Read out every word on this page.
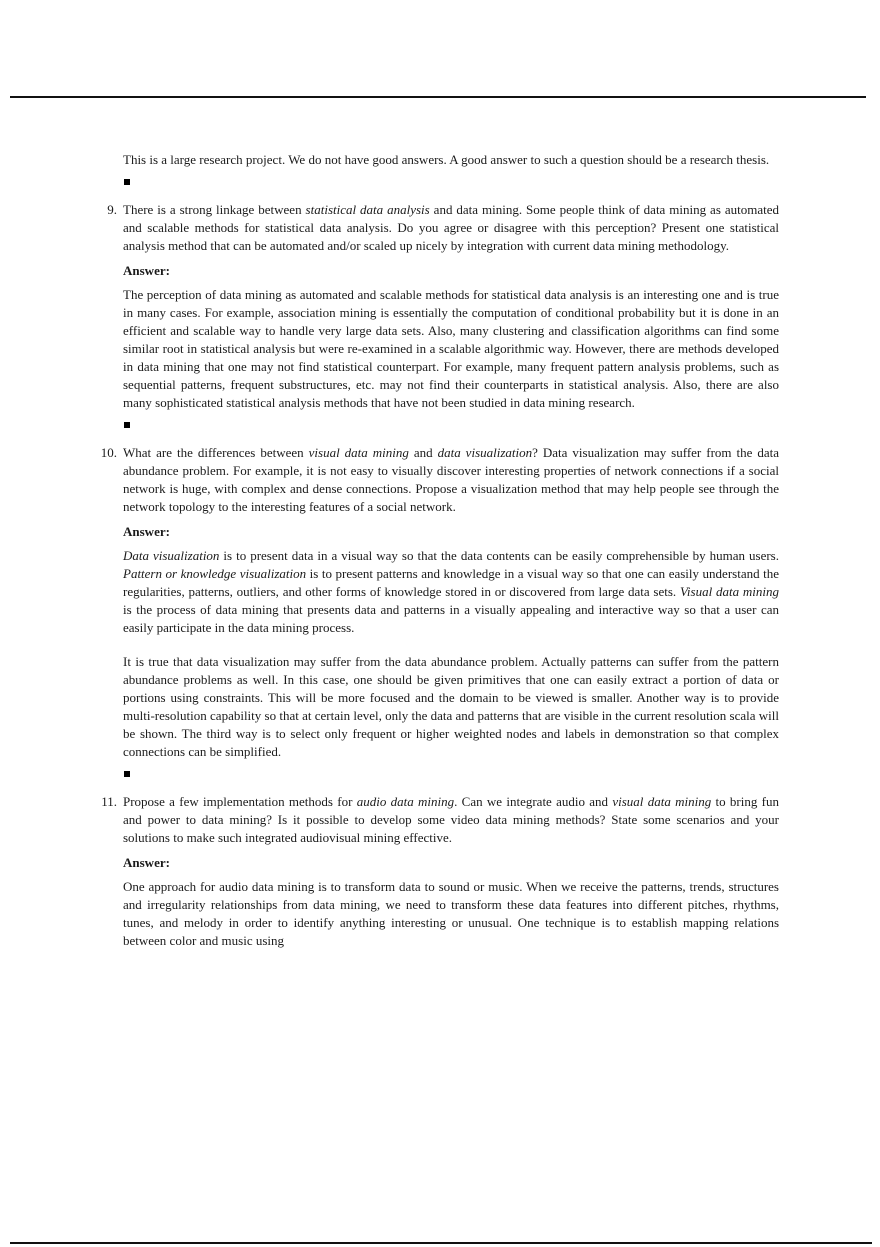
This is a large research project. We do not have good answers. A good answer to such a question should be a research thesis.

9. There is a strong linkage between statistical data analysis and data mining. Some people think of data mining as automated and scalable methods for statistical data analysis. Do you agree or disagree with this perception? Present one statistical analysis method that can be automated and/or scaled up nicely by integration with current data mining methodology.

Answer:

The perception of data mining as automated and scalable methods for statistical data analysis is an interesting one and is true in many cases. For example, association mining is essentially the computation of conditional probability but it is done in an efficient and scalable way to handle very large data sets. Also, many clustering and classification algorithms can find some similar root in statistical analysis but were re-examined in a scalable algorithmic way. However, there are methods developed in data mining that one may not find statistical counterpart. For example, many frequent pattern analysis problems, such as sequential patterns, frequent substructures, etc. may not find their counterparts in statistical analysis. Also, there are also many sophisticated statistical analysis methods that have not been studied in data mining research.

10. What are the differences between visual data mining and data visualization? Data visualization may suffer from the data abundance problem. For example, it is not easy to visually discover interesting properties of network connections if a social network is huge, with complex and dense connections. Propose a visualization method that may help people see through the network topology to the interesting features of a social network.

Answer:

Data visualization is to present data in a visual way so that the data contents can be easily comprehensible by human users. Pattern or knowledge visualization is to present patterns and knowledge in a visual way so that one can easily understand the regularities, patterns, outliers, and other forms of knowledge stored in or discovered from large data sets. Visual data mining is the process of data mining that presents data and patterns in a visually appealing and interactive way so that a user can easily participate in the data mining process.

It is true that data visualization may suffer from the data abundance problem. Actually patterns can suffer from the pattern abundance problems as well. In this case, one should be given primitives that one can easily extract a portion of data or portions using constraints. This will be more focused and the domain to be viewed is smaller. Another way is to provide multi-resolution capability so that at certain level, only the data and patterns that are visible in the current resolution scala will be shown. The third way is to select only frequent or higher weighted nodes and labels in demonstration so that complex connections can be simplified.

11. Propose a few implementation methods for audio data mining. Can we integrate audio and visual data mining to bring fun and power to data mining? Is it possible to develop some video data mining methods? State some scenarios and your solutions to make such integrated audiovisual mining effective.

Answer:

One approach for audio data mining is to transform data to sound or music. When we receive the patterns, trends, structures and irregularity relationships from data mining, we need to transform these data features into different pitches, rhythms, tunes, and melody in order to identify anything interesting or unusual. One technique is to establish mapping relations between color and music using
